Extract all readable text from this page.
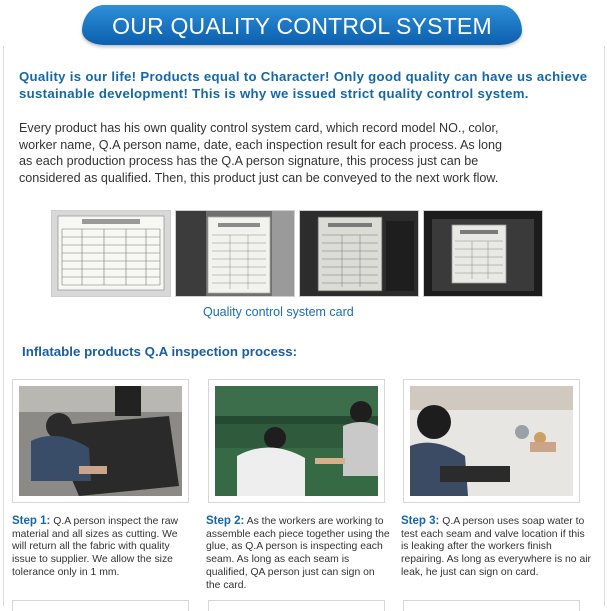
OUR QUALITY CONTROL SYSTEM
Quality is our life! Products equal to Character! Only good quality can have us achieve sustainable development! This is why we issued strict quality control system.
Every product has his own quality control system card, which record model NO., color, worker name, Q.A person name, date, each inspection result for each process. As long as each production process has the Q.A person signature, this process just can be considered as qualified. Then, this product just can be conveyed to the next work flow.
Quality control system card
Inflatable products Q.A inspection process:
Step 1: Q.A person inspect the raw material and all sizes as cutting. We will return all the fabric with quality issue to supplier. We allow the size tolerance only in 1 mm.
Step 2: As the workers are working to assemble each piece together using the glue, as Q.A person is inspecting each seam. As long as each seam is qualified, QA person just can sign on the card.
Step 3: Q.A person uses soap water to test each seam and valve location if this is leaking after the workers finish repairing. As long as everywhere is no air leak, he just can sign on card.
